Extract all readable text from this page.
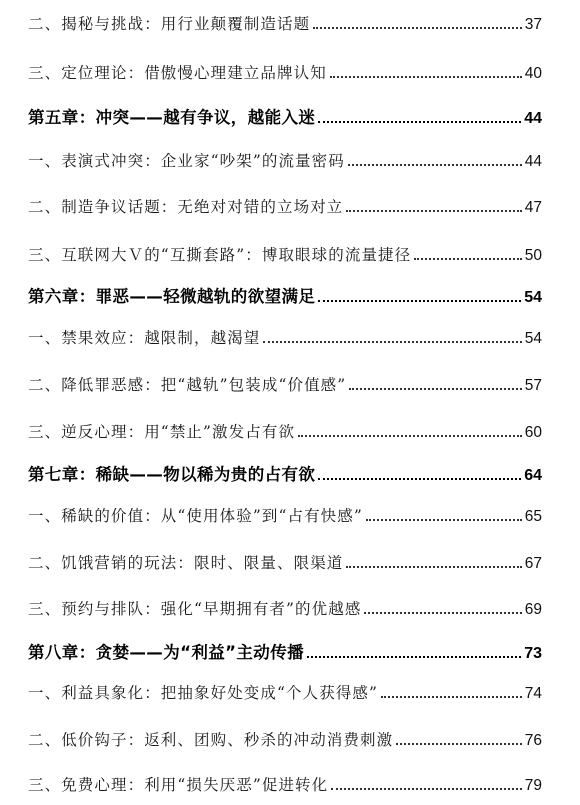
二、揭秘与挑战：用行业颠覆制造话题	37
三、定位理论：借傲慢心理建立品牌认知	40
第五章：冲突——越有争议，越能入迷	44
一、表演式冲突：企业家“吵架”的流量密码	44
二、制造争议话题：无绝对对错的立场对立	47
三、互联网大Ｖ的“互撕套路”：博取眼球的流量捷径	50
第六章：罪恶——轻微越轨的欲望满足	54
一、禁果效应：越限制，越渴望	54
二、降低罪恶感：把“越轨”包装成“价值感”	57
三、逆反心理：用“禁止”激发占有欲	60
第七章：稀缺——物以稀为贵的占有欲	64
一、稀缺的价值：从“使用体验”到“占有快感”	65
二、饥饿营销的玩法：限时、限量、限渠道	67
三、预约与排队：强化“早期拥有者”的优越感	69
第八章：贪婪——为“利益”主动传播	73
一、利益具象化：把抽象好处变成“个人获得感”	74
二、低价钩子：返利、团购、秒杀的冲动消费刺激	76
三、免费心理：利用“损失厌恶”促进转化	79
